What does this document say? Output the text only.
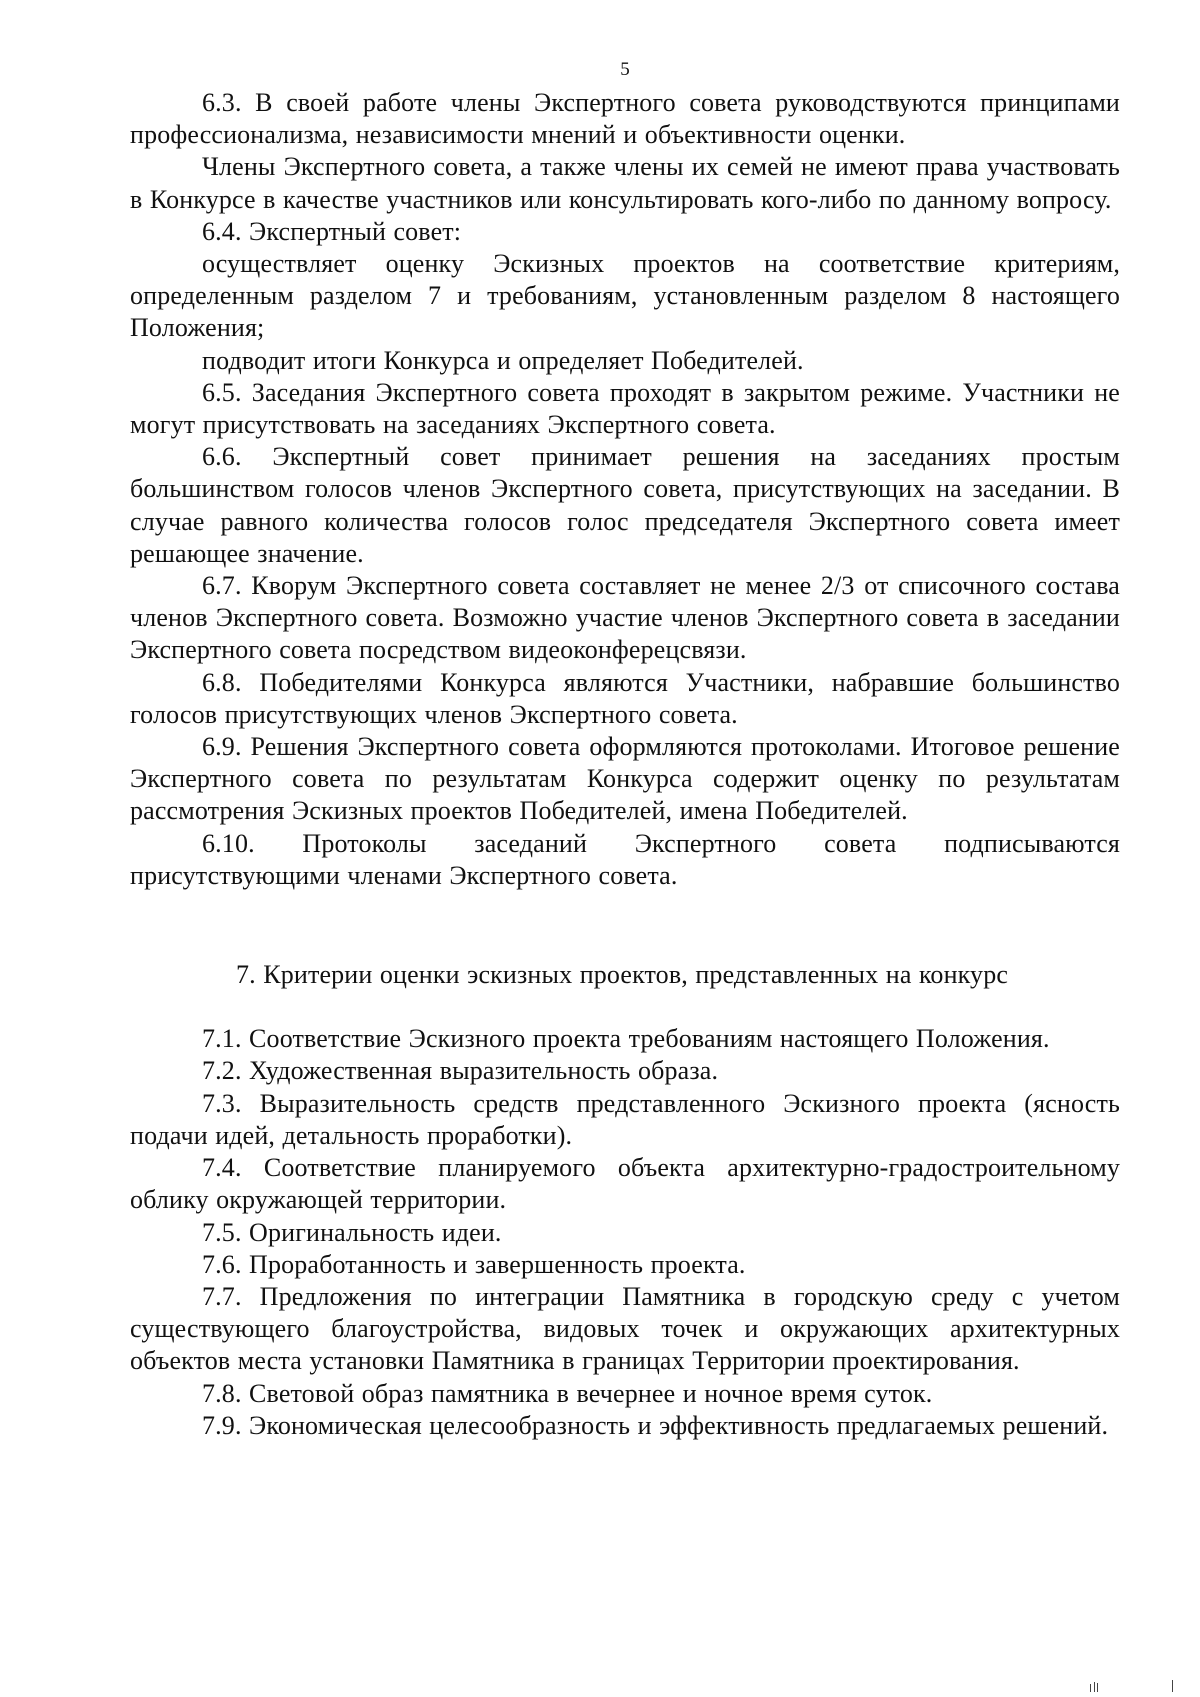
5

6.3. В своей работе члены Экспертного совета руководствуются принципами профессионализма, независимости мнений и объективности оценки.

Члены Экспертного совета, а также члены их семей не имеют права участвовать в Конкурсе в качестве участников или консультировать кого-либо по данному вопросу.

6.4. Экспертный совет:

осуществляет оценку Эскизных проектов на соответствие критериям, определенным разделом 7 и требованиям, установленным разделом 8 настоящего Положения;

подводит итоги Конкурса и определяет Победителей.

6.5. Заседания Экспертного совета проходят в закрытом режиме. Участники не могут присутствовать на заседаниях Экспертного совета.

6.6. Экспертный совет принимает решения на заседаниях простым большинством голосов членов Экспертного совета, присутствующих на заседании. В случае равного количества голосов голос председателя Экспертного совета имеет решающее значение.

6.7. Кворум Экспертного совета составляет не менее 2/3 от списочного состава членов Экспертного совета. Возможно участие членов Экспертного совета в заседании Экспертного совета посредством видеоконферецсвязи.

6.8. Победителями Конкурса являются Участники, набравшие большинство голосов присутствующих членов Экспертного совета.

6.9. Решения Экспертного совета оформляются протоколами. Итоговое решение Экспертного совета по результатам Конкурса содержит оценку по результатам рассмотрения Эскизных проектов Победителей, имена Победителей.

6.10. Протоколы заседаний Экспертного совета подписываются присутствующими членами Экспертного совета.

7. Критерии оценки эскизных проектов, представленных на конкурс

7.1. Соответствие Эскизного проекта требованиям настоящего Положения.

7.2. Художественная выразительность образа.

7.3. Выразительность средств представленного Эскизного проекта (ясность подачи идей, детальность проработки).

7.4. Соответствие планируемого объекта архитектурно-градостроительному облику окружающей территории.

7.5. Оригинальность идеи.

7.6. Проработанность и завершенность проекта.

7.7. Предложения по интеграции Памятника в городскую среду с учетом существующего благоустройства, видовых точек и окружающих архитектурных объектов места установки Памятника в границах Территории проектирования.

7.8. Световой образ памятника в вечернее и ночное время суток.

7.9. Экономическая целесообразность и эффективность предлагаемых решений.
